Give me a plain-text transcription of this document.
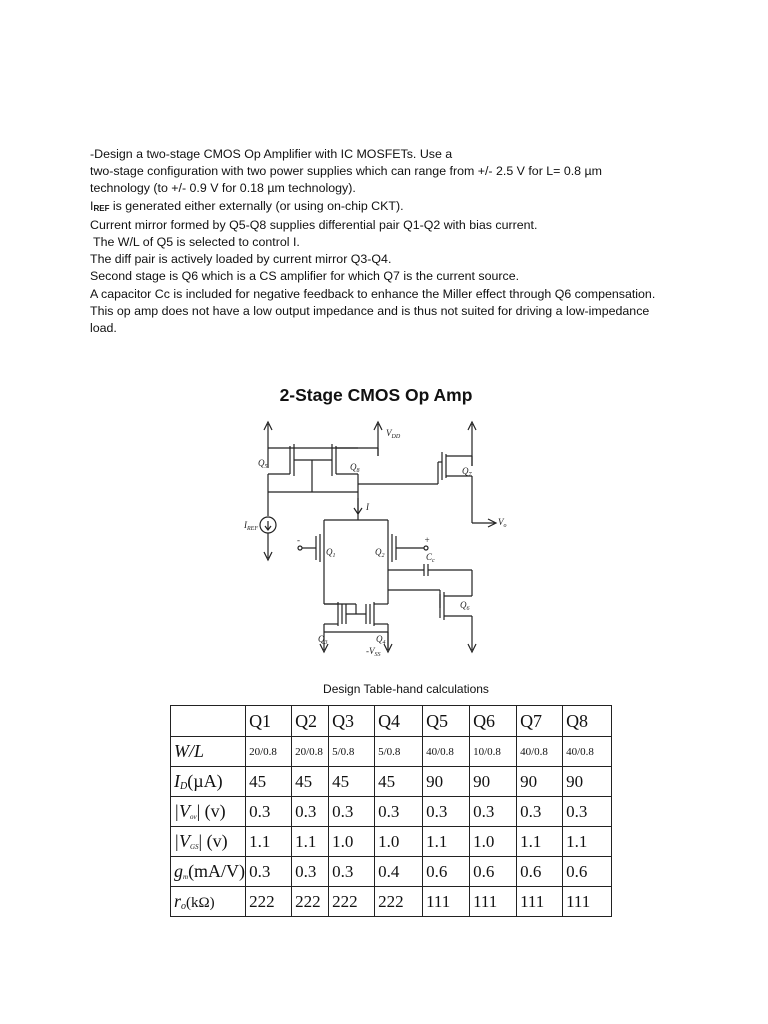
-Design a two-stage CMOS Op Amplifier with IC MOSFETs. Use a
two-stage configuration with two power supplies which can range from +/- 2.5 V for L= 0.8 µm
technology (to +/- 0.9 V for 0.18 µm technology).
$I_{REF}$ is generated either externally (or using on-chip CKT).
Current mirror formed by Q5-Q8 supplies differential pair Q1-Q2 with bias current.
The W/L of Q5 is selected to control I.
The diff pair is actively loaded by current mirror Q3-Q4.
Second stage is Q6 which is a CS amplifier for which Q7 is the current source.
A capacitor Cc is included for negative feedback to enhance the Miller effect through Q6 compensation.
This op amp does not have a low output impedance and is thus not suited for driving a low-impedance
load.
2-Stage CMOS Op Amp
$Q_5$	$Q_8$	$Q_7$
$Q_1$	$Q_2$
$Q_3$	$Q_4$
$Q_6$
$V_{DD}$
$-V_{SS}$
$I_{REF}$
I
$V_o$
$C_c$
-	+
Design Table-hand calculations
	Q1	Q2	Q3	Q4	Q5	Q6	Q7	Q8
W/L	20/0.8	20/0.8	5/0.8	5/0.8	40/0.8	10/0.8	40/0.8	40/0.8
$I_D(\mu A)$	45	45	45	45	90	90	90	90
$|V_{ov}|$ (v)	0.3	0.3	0.3	0.3	0.3	0.3	0.3	0.3
$|V_{GS}|$ (v)	1.1	1.1	1.0	1.0	1.1	1.0	1.1	1.1
$g_m(mA/V)$	0.3	0.3	0.3	0.4	0.6	0.6	0.6	0.6
$r_o(k\Omega)$	222	222	222	222	111	111	111	111
